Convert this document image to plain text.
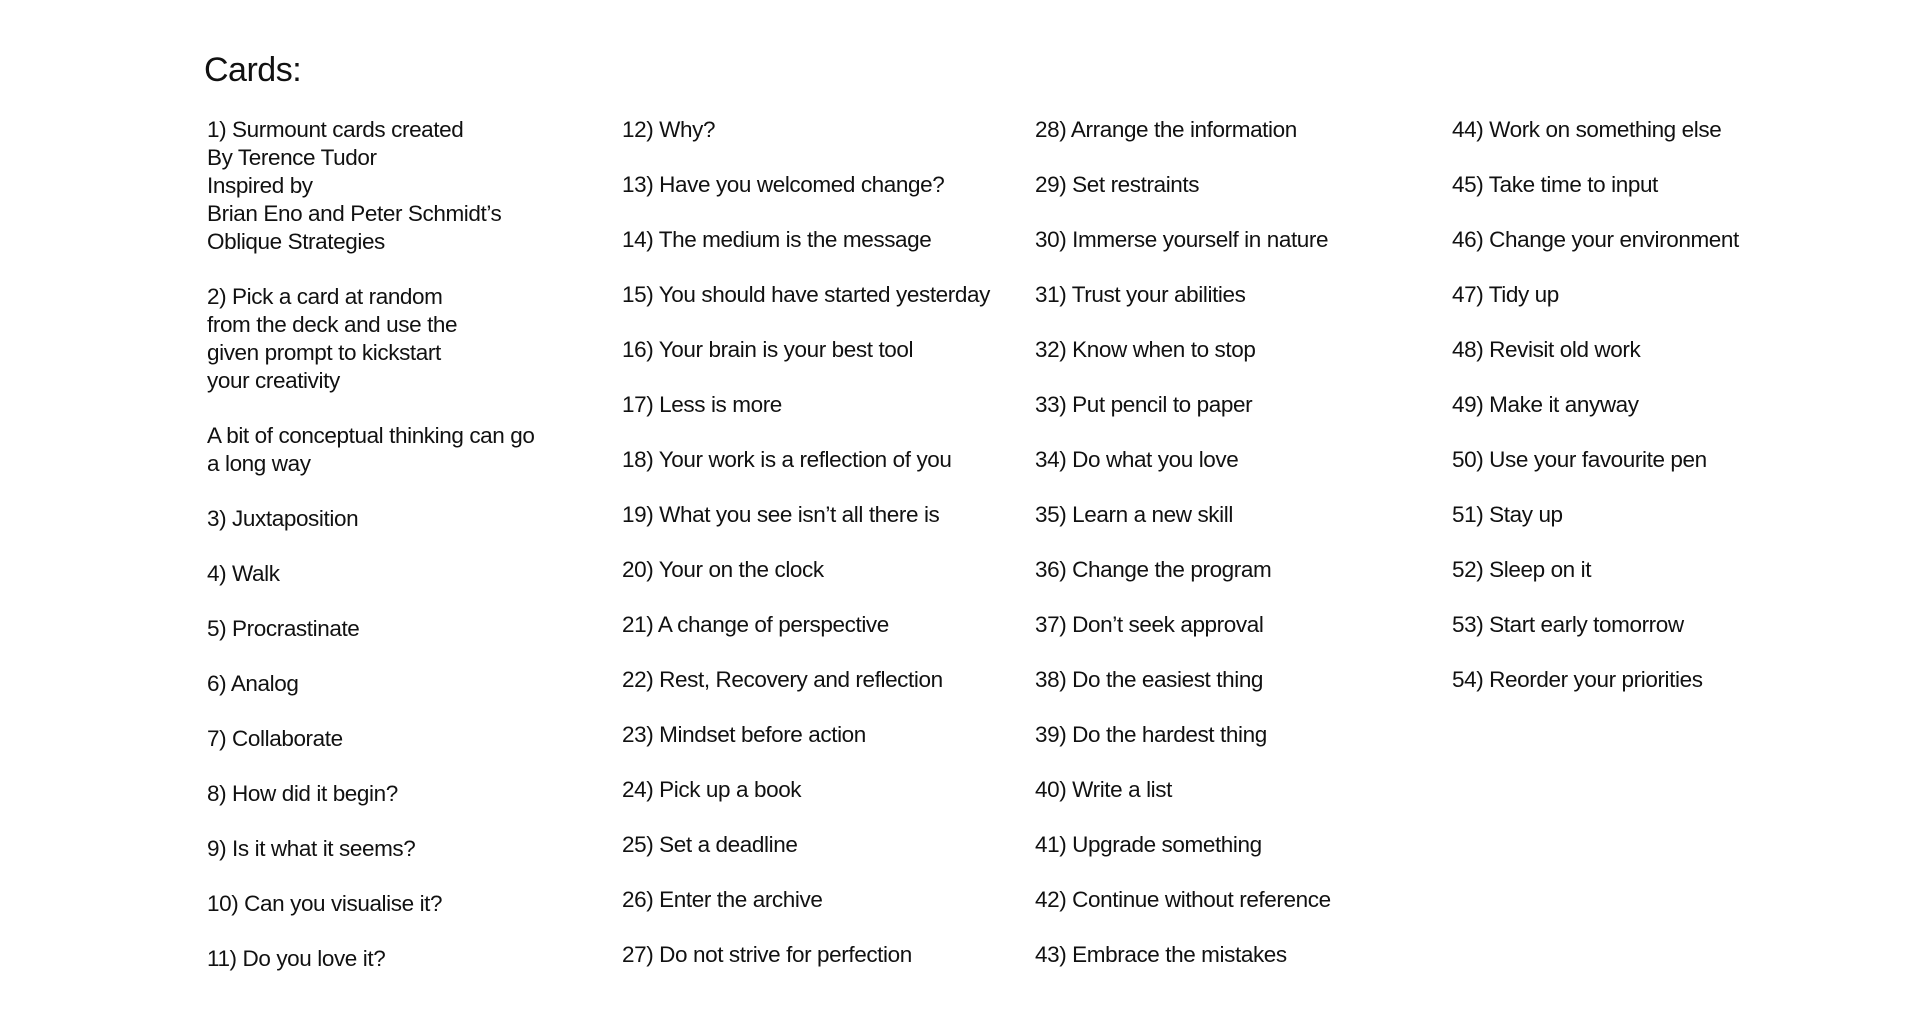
Cards:
1) Surmount cards created
By Terence Tudor
Inspired by
Brian Eno and Peter Schmidt’s
Oblique Strategies
2) Pick a card at random
from the deck and use the
given prompt to kickstart
your creativity
A bit of conceptual thinking can go
a long way
3) Juxtaposition
4) Walk
5) Procrastinate
6) Analog
7) Collaborate
8) How did it begin?
9) Is it what it seems?
10) Can you visualise it?
11) Do you love it?
12) Why?
13) Have you welcomed change?
14) The medium is the message
15) You should have started yesterday
16) Your brain is your best tool
17) Less is more
18) Your work is a reflection of you
19) What you see isn’t all there is
20) Your on the clock
21) A change of perspective
22) Rest, Recovery and reflection
23) Mindset before action
24) Pick up a book
25) Set a deadline
26) Enter the archive
27) Do not strive for perfection
28) Arrange the information
29) Set restraints
30) Immerse yourself in nature
31) Trust your abilities
32) Know when to stop
33) Put pencil to paper
34) Do what you love
35) Learn a new skill
36) Change the program
37) Don’t seek approval
38) Do the easiest thing
39) Do the hardest thing
40) Write a list
41) Upgrade something
42) Continue without reference
43) Embrace the mistakes
44) Work on something else
45) Take time to input
46) Change your environment
47) Tidy up
48) Revisit old work
49) Make it anyway
50) Use your favourite pen
51) Stay up
52) Sleep on it
53) Start early tomorrow
54) Reorder your priorities
